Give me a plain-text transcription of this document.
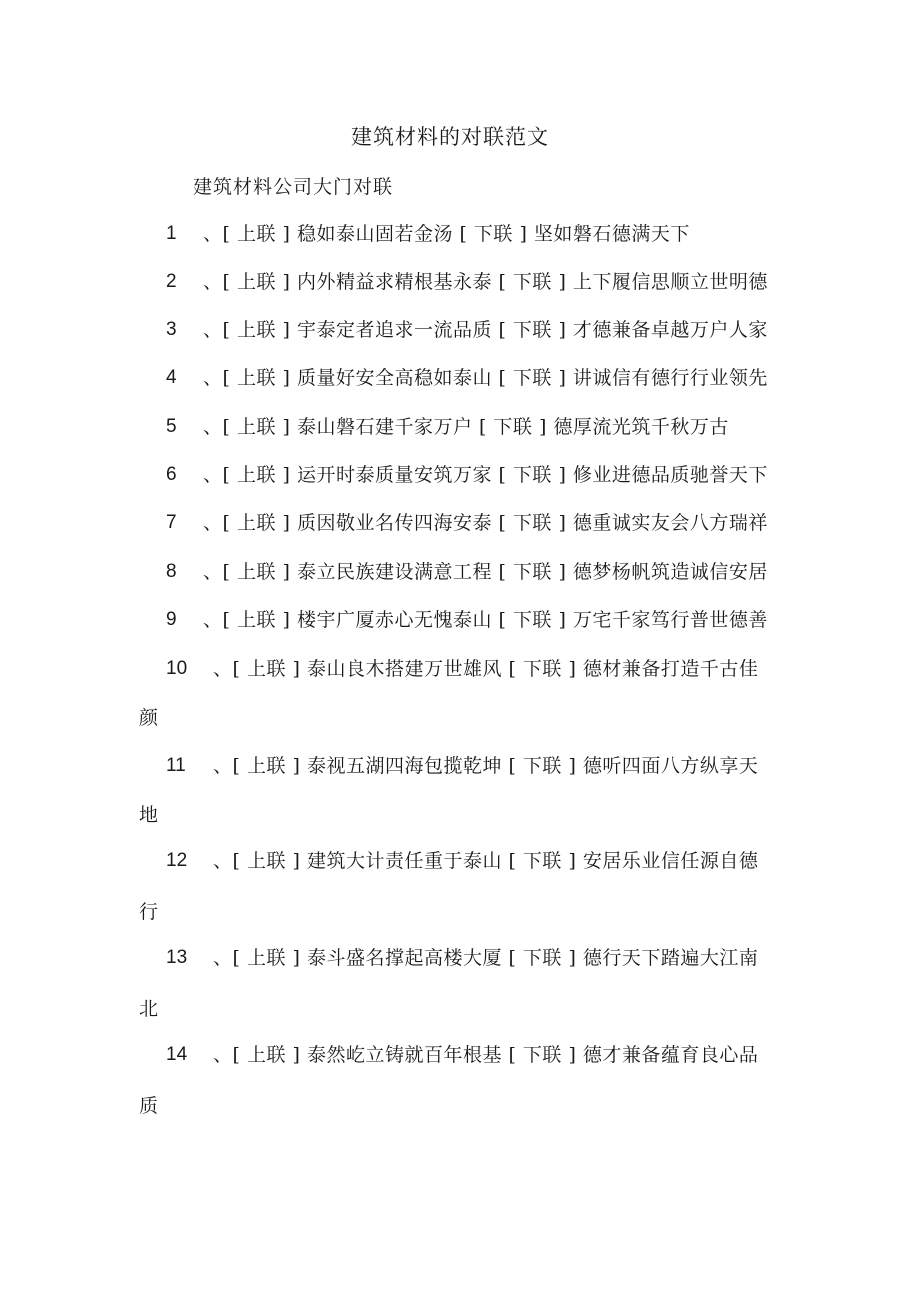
建筑材料的对联范文
建筑材料公司大门对联
1 、[ 上联 ] 稳如泰山固若金汤 [ 下联 ] 坚如磐石德满天下
2 、[ 上联 ] 内外精益求精根基永泰 [ 下联 ] 上下履信思顺立世明德
3 、[ 上联 ] 宇泰定者追求一流品质 [ 下联 ] 才德兼备卓越万户人家
4 、[ 上联 ] 质量好安全高稳如泰山 [ 下联 ] 讲诚信有德行行业领先
5 、[ 上联 ] 泰山磐石建千家万户 [ 下联 ] 德厚流光筑千秋万古
6 、[ 上联 ] 运开时泰质量安筑万家 [ 下联 ] 修业进德品质驰誉天下
7 、[ 上联 ] 质因敬业名传四海安泰 [ 下联 ] 德重诚实友会八方瑞祥
8 、[ 上联 ] 泰立民族建设满意工程 [ 下联 ] 德梦杨帆筑造诚信安居
9 、[ 上联 ] 楼宇广厦赤心无愧泰山 [ 下联 ] 万宅千家笃行普世德善
10 、[ 上联 ] 泰山良木搭建万世雄风 [ 下联 ] 德材兼备打造千古佳
颜
11 、[ 上联 ] 泰视五湖四海包揽乾坤 [ 下联 ] 德听四面八方纵享天
地
12 、[ 上联 ] 建筑大计责任重于泰山 [ 下联 ] 安居乐业信任源自德
行
13 、[ 上联 ] 泰斗盛名撑起高楼大厦 [ 下联 ] 德行天下踏遍大江南
北
14 、[ 上联 ] 泰然屹立铸就百年根基 [ 下联 ] 德才兼备蕴育良心品
质
